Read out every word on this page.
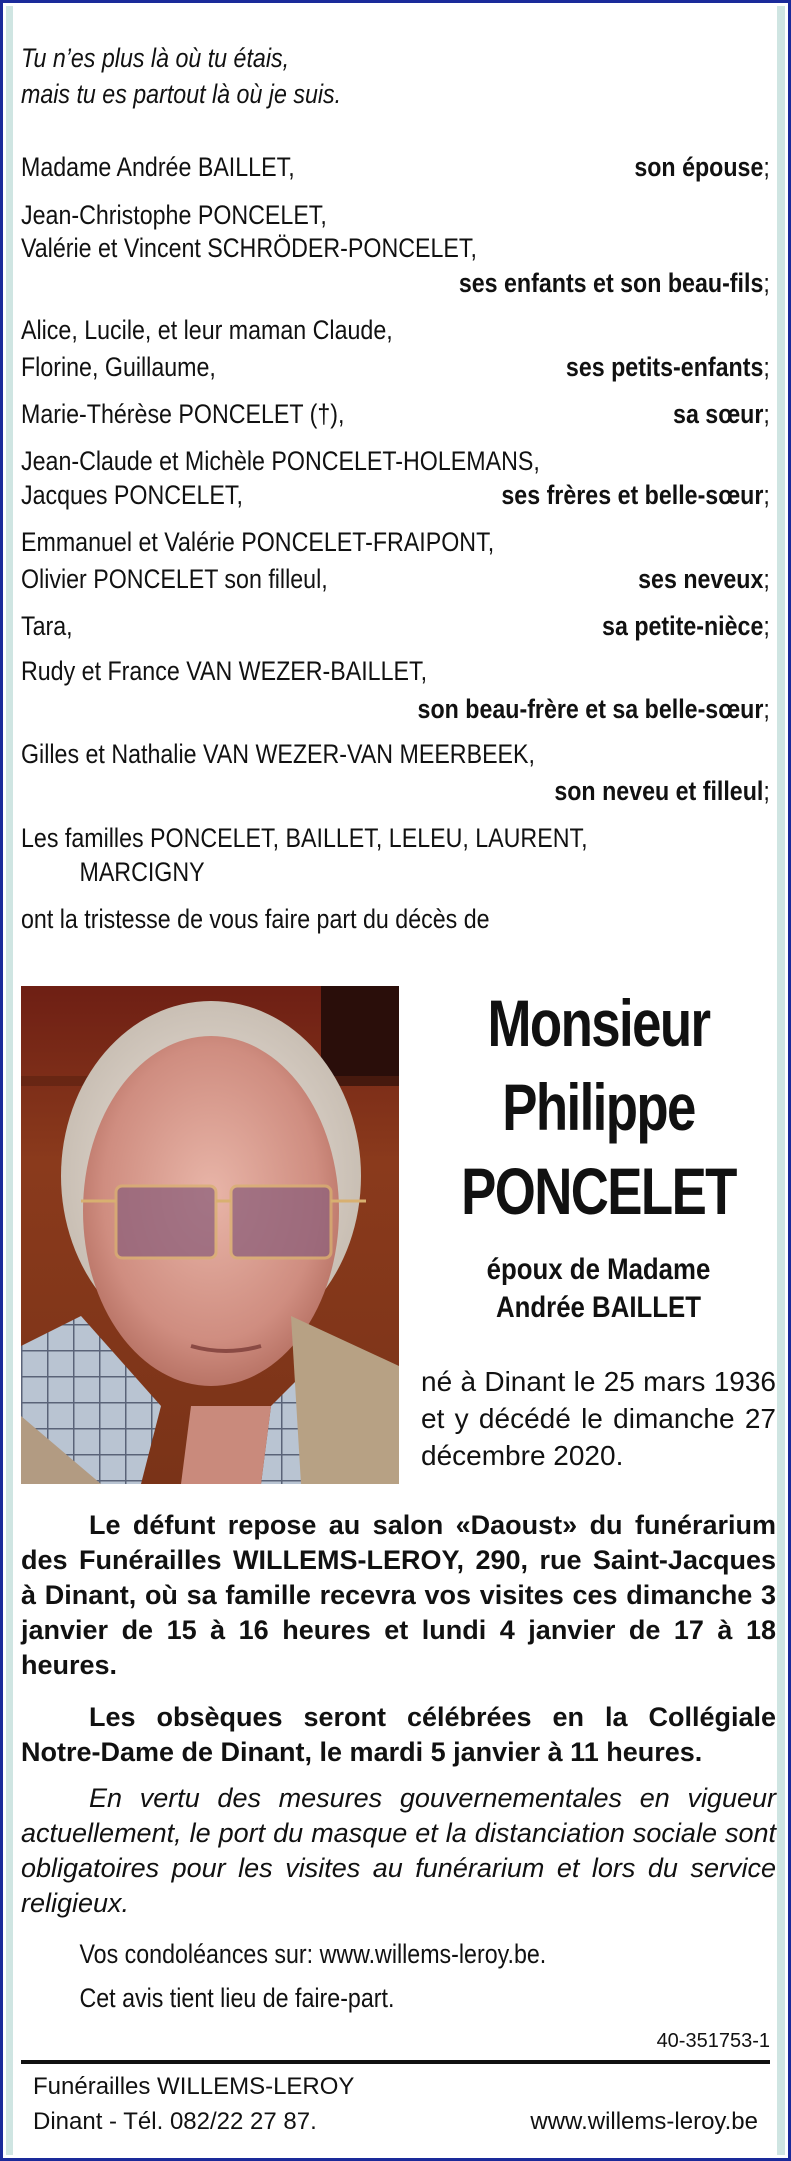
Tu n’es plus là où tu étais,
mais tu es partout là où je suis.
Madame Andrée BAILLET,	son épouse;
Jean-Christophe PONCELET,
Valérie et Vincent SCHRÖDER-PONCELET,
ses enfants et son beau-fils;
Alice, Lucile, et leur maman Claude,
Florine, Guillaume,	ses petits-enfants;
Marie-Thérèse PONCELET (†),	sa sœur;
Jean-Claude et Michèle PONCELET-HOLEMANS,
Jacques PONCELET,	ses frères et belle-sœur;
Emmanuel et Valérie PONCELET-FRAIPONT,
Olivier PONCELET son filleul,	ses neveux;
Tara,	sa petite-nièce;
Rudy et France VAN WEZER-BAILLET,
son beau-frère et sa belle-sœur;
Gilles et Nathalie VAN WEZER-VAN MEERBEEK,
son neveu et filleul;
Les familles PONCELET, BAILLET, LELEU, LAURENT,
MARCIGNY
ont la tristesse de vous faire part du décès de
Monsieur
Philippe
PONCELET
époux de Madame
Andrée BAILLET
né à Dinant le 25 mars 1936 et y décédé le dimanche 27 décembre 2020.
Le défunt repose au salon «Daoust» du funérarium des Funérailles WILLEMS-LEROY, 290, rue Saint-Jacques à Dinant, où sa famille recevra vos visites ces dimanche 3 janvier de 15 à 16 heures et lundi 4 janvier de 17 à 18 heures.
Les obsèques seront célébrées en la Collégiale Notre-Dame de Dinant, le mardi 5 janvier à 11 heures.
En vertu des mesures gouvernementales en vigueur actuellement, le port du masque et la distanciation sociale sont obligatoires pour les visites au funérarium et lors du service religieux.
Vos condoléances sur: www.willems-leroy.be.
Cet avis tient lieu de faire-part.
40-351753-1
Funérailles WILLEMS-LEROY
Dinant - Tél. 082/22 27 87.	www.willems-leroy.be
